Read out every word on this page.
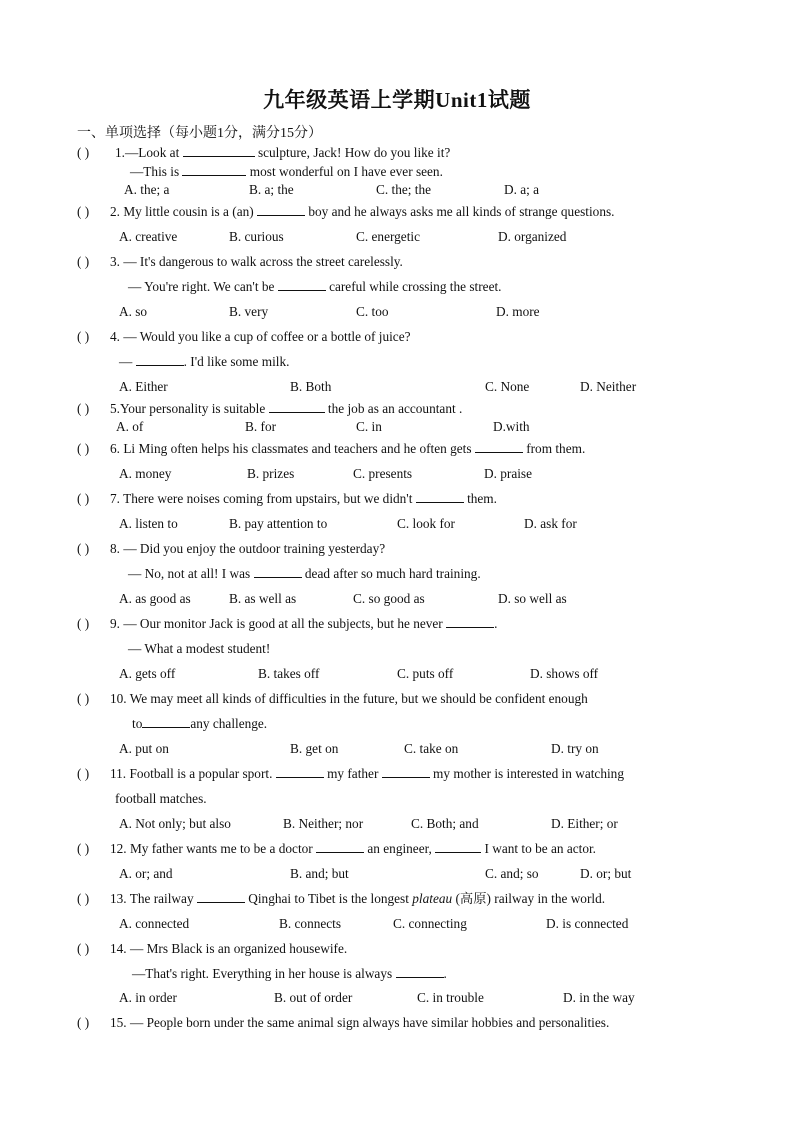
九年级英语上学期Unit1试题
一、单项选择（每小题1分，满分15分）
( ) 1.—Look at	sculpture, Jack! How do you like it?
—This is	most wonderful on I have ever seen.
A. the; a	B. a; the	C. the; the	D. a; a
( ) 2. My little cousin is a (an)	boy and he always asks me all kinds of strange questions.
A. creative	B. curious	C. energetic	D. organized
( ) 3. — It's dangerous to walk across the street carelessly.
— You're right. We can't be	careful while crossing the street.
A. so	B. very	C. too	D. more
( ) 4. — Would you like a cup of coffee or a bottle of juice?
—	. I'd like some milk.
A. Either	B. Both	C. None	D. Neither
( ) 5.Your personality is suitable	the job as an accountant .
A. of	B. for	C. in	D.with
( ) 6. Li Ming often helps his classmates and teachers and he often gets	from them.
A. money	B. prizes	C. presents	D. praise
( ) 7. There were noises coming from upstairs, but we didn't	them.
A. listen to	B. pay attention to	C. look for	D. ask for
( ) 8. — Did you enjoy the outdoor training yesterday?
— No, not at all! I was	dead after so much hard training.
A. as good as	B. as well as	C. so good as	D. so well as
( ) 9. — Our monitor Jack is good at all the subjects, but he never	.
— What a modest student!
A. gets off	B. takes off	C. puts off	D. shows off
( ) 10. We may meet all kinds of difficulties in the future, but we should be confident enough
to	any challenge.
A. put on	B. get on	C. take on	D. try on
( ) 11. Football is a popular sport.	my father	my mother is interested in watching
football matches.
A. Not only; but also	B. Neither; nor	C. Both; and	D. Either; or
( ) 12. My father wants me to be a doctor	an engineer,	I want to be an actor.
A. or; and	B. and; but	C. and; so	D. or; but
( ) 13. The railway	Qinghai to Tibet is the longest plateau (高原) railway in the world.
A. connected	B. connects	C. connecting	D. is connected
( ) 14. — Mrs Black is an organized housewife.
—That's right. Everything in her house is always	.
A. in order	B. out of order	C. in trouble	D. in the way
( ) 15. — People born under the same animal sign always have similar hobbies and personalities.
